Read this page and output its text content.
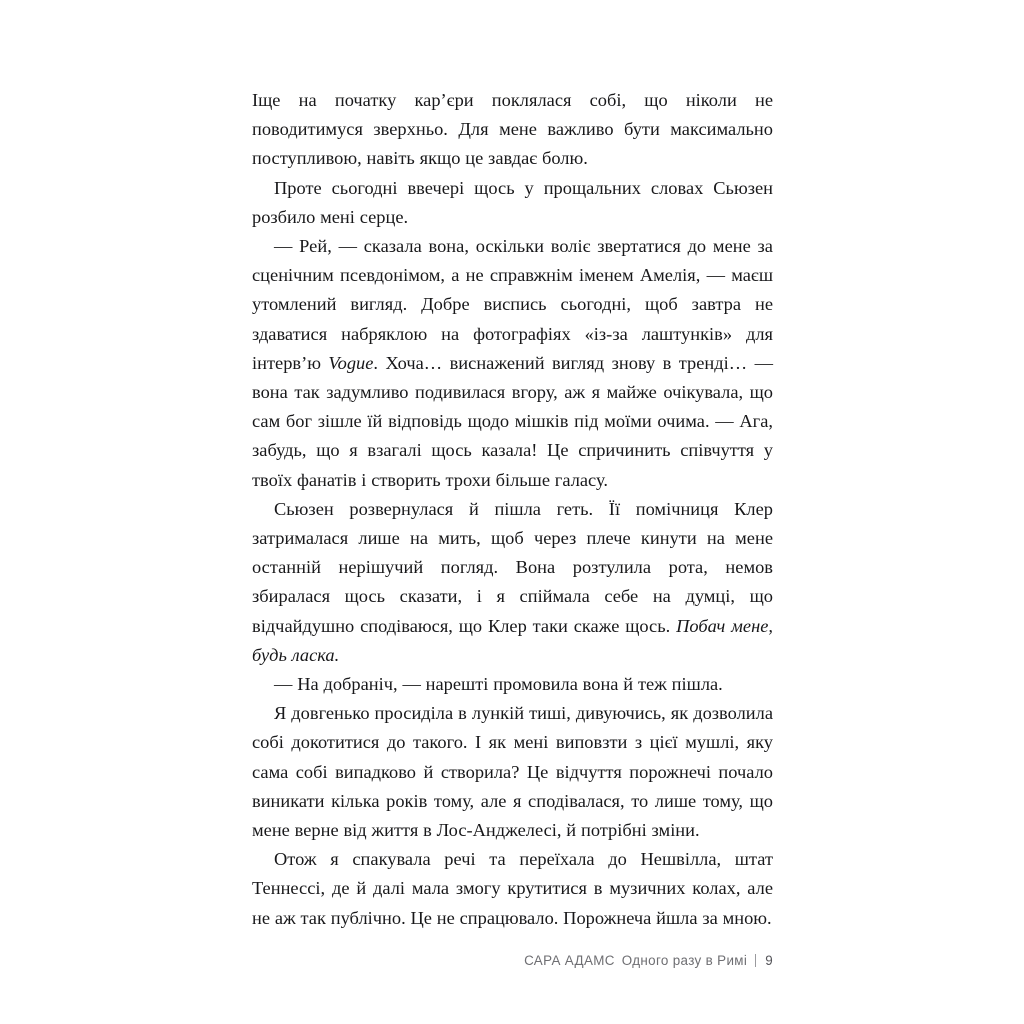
Іще на початку кар’єри поклялася собі, що ніколи не поводитимуся зверхньо. Для мене важливо бути максимально поступливою, навіть якщо це завдає болю.

Проте сьогодні ввечері щось у прощальних словах Сьюзен розбило мені серце.

— Рей, — сказала вона, оскільки воліє звертатися до мене за сценічним псевдонімом, а не справжнім іменем Амелія, — маєш утомлений вигляд. Добре виспись сьогодні, щоб завтра не здаватися набряклою на фотографіях «із-за лаштунків» для інтерв’ю Vogue. Хоча… виснажений вигляд знову в тренді… — вона так задумливо подивилася вгору, аж я майже очікувала, що сам бог зішле їй відповідь щодо мішків під моїми очима. — Ага, забудь, що я взагалі щось казала! Це спричинить співчуття у твоїх фанатів і створить трохи більше галасу.

Сьюзен розвернулася й пішла геть. Її помічниця Клер затрималася лише на мить, щоб через плече кинути на мене останній нерішучий погляд. Вона розтулила рота, немов збиралася щось сказати, і я спіймала себе на думці, що відчайдушно сподіваюся, що Клер таки скаже щось. Побач мене, будь ласка.

— На добраніч, — нарешті промовила вона й теж пішла.

Я довгенько просиділа в лункій тиші, дивуючись, як дозволила собі докотитися до такого. І як мені виповзти з цієї мушлі, яку сама собі випадково й створила? Це відчуття порожнечі почало виникати кілька років тому, але я сподівалася, то лише тому, що мене верне від життя в Лос-Анджелесі, й потрібні зміни.

Отож я спакувала речі та переїхала до Нешвілла, штат Теннессі, де й далі мала змогу крутитися в музичних колах, але не аж так публічно. Це не спрацювало. Порожнеча йшла за мною.

САРА АДАМС Одного разу в Римі 9
